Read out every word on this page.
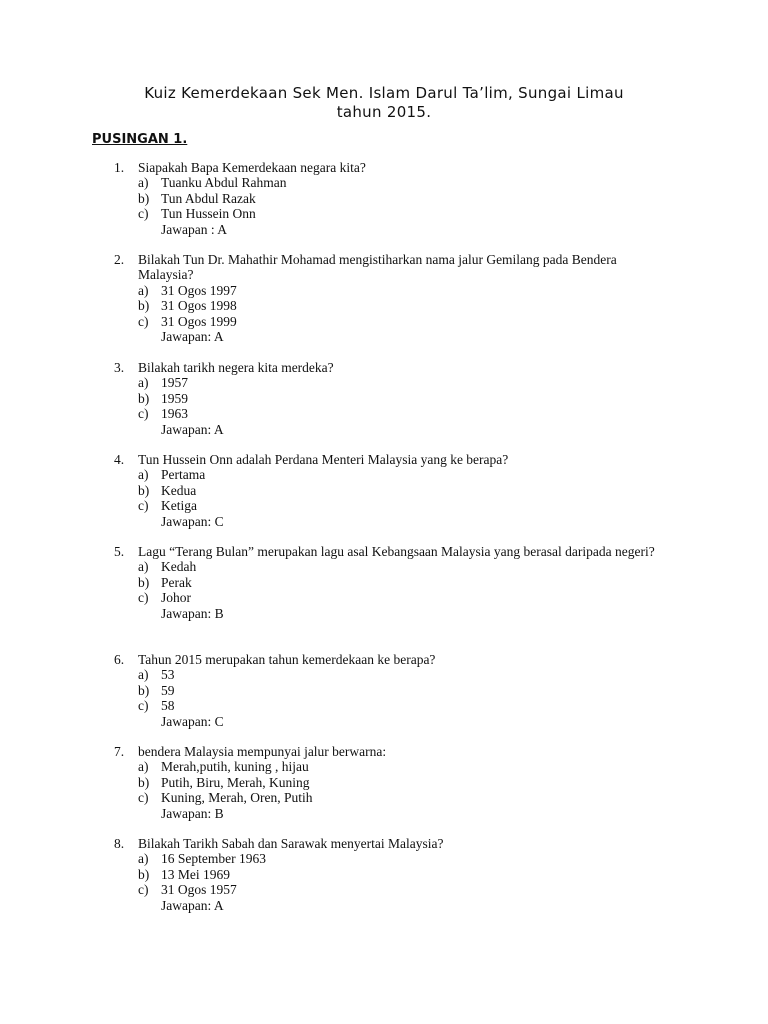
Kuiz Kemerdekaan Sek Men. Islam Darul Ta’lim, Sungai Limau
tahun 2015.
PUSINGAN 1.
1. Siapakah Bapa Kemerdekaan negara kita?
a) Tuanku Abdul Rahman
b) Tun Abdul Razak
c) Tun Hussein Onn
Jawapan : A
2. Bilakah Tun Dr. Mahathir Mohamad mengistiharkan nama jalur Gemilang pada Bendera Malaysia?
a) 31 Ogos 1997
b) 31 Ogos 1998
c) 31 Ogos 1999
Jawapan: A
3. Bilakah tarikh negera kita merdeka?
a) 1957
b) 1959
c) 1963
Jawapan: A
4. Tun Hussein Onn adalah Perdana Menteri Malaysia yang ke berapa?
a) Pertama
b) Kedua
c) Ketiga
Jawapan: C
5. Lagu “Terang Bulan” merupakan lagu asal Kebangsaan Malaysia yang berasal daripada negeri?
a) Kedah
b) Perak
c) Johor
Jawapan: B
6. Tahun 2015 merupakan tahun kemerdekaan ke berapa?
a) 53
b) 59
c) 58
Jawapan: C
7. bendera Malaysia mempunyai jalur berwarna:
a) Merah,putih, kuning , hijau
b) Putih, Biru, Merah, Kuning
c) Kuning, Merah, Oren, Putih
Jawapan: B
8. Bilakah Tarikh Sabah dan Sarawak menyertai Malaysia?
a) 16 September 1963
b) 13 Mei 1969
c) 31 Ogos 1957
Jawapan: A
